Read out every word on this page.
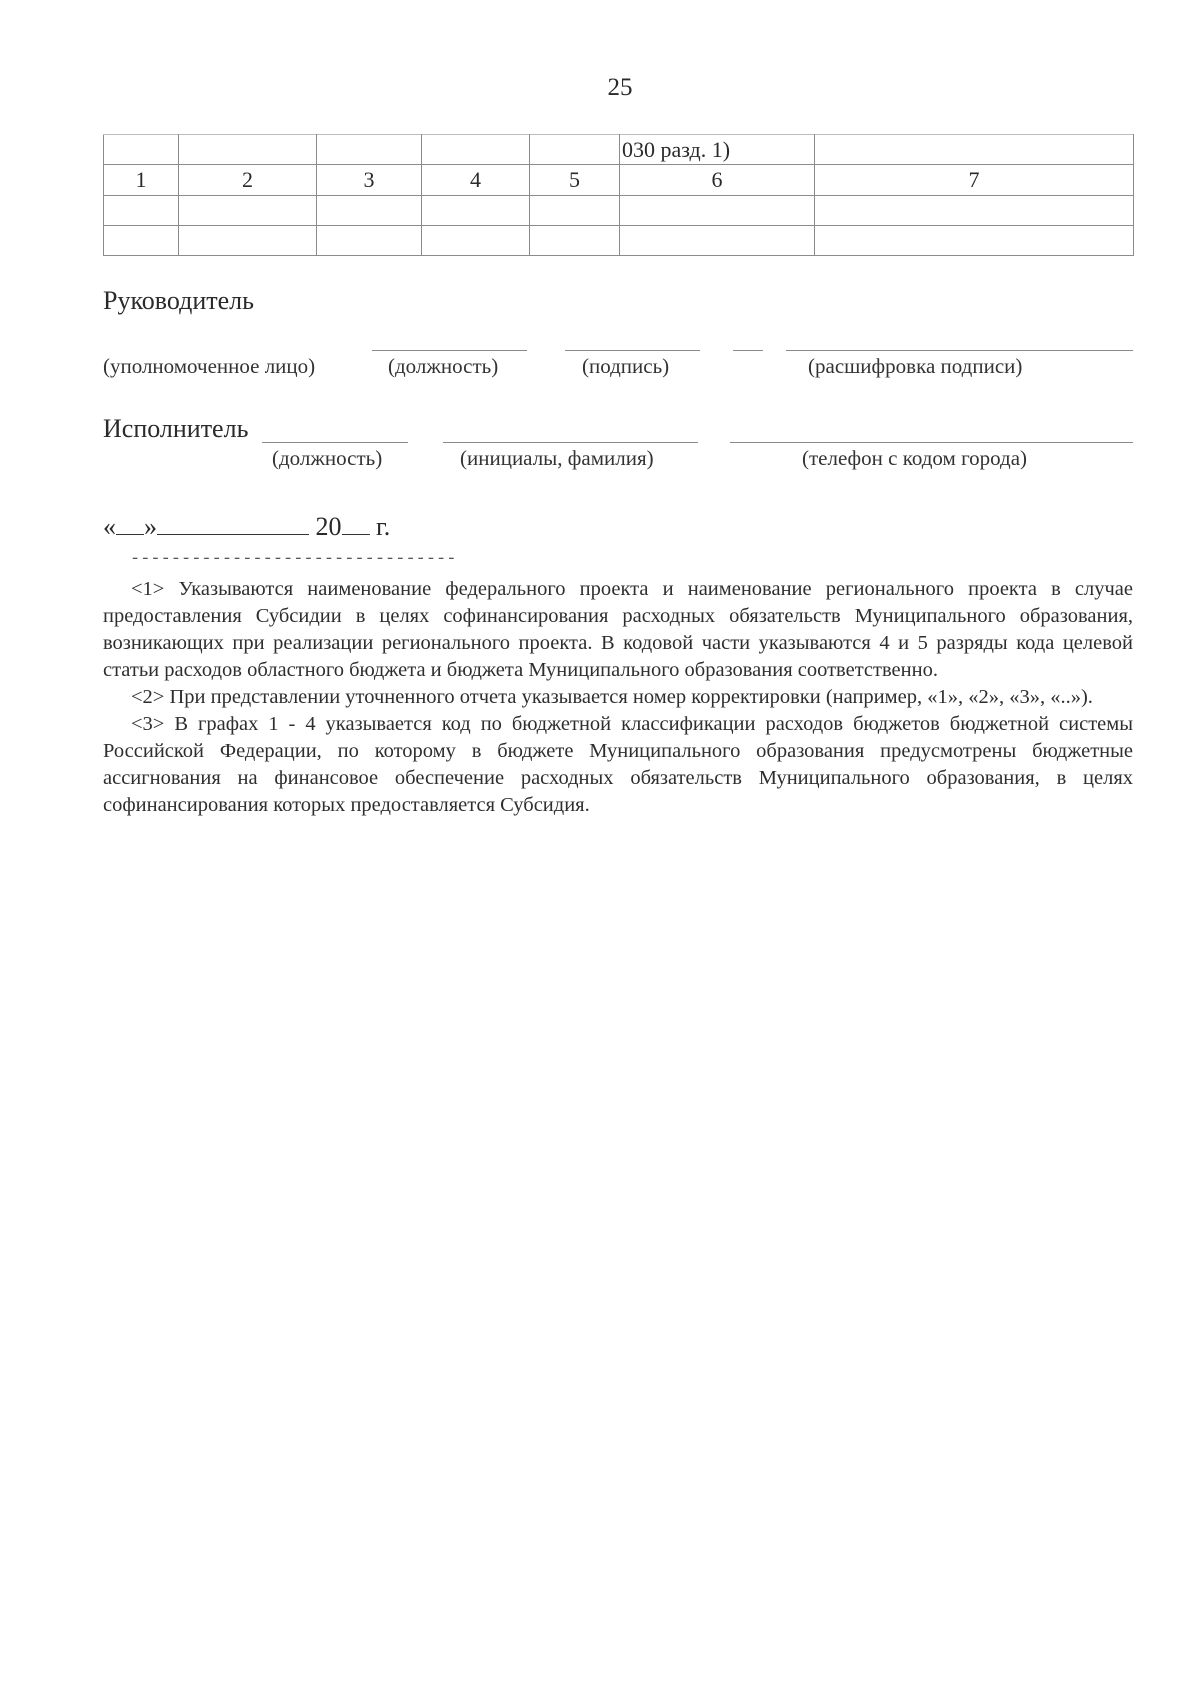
25
					030 разд. 1)	
1	2	3	4	5	6	7

Руководитель
(уполномоченное лицо)	(должность)	(подпись)	(расшифровка подписи)
Исполнитель
(должность)	(инициалы, фамилия)	(телефон с кодом города)
« »	20 г.
--------------------------------

<1> Указываются наименование федерального проекта и наименование регионального проекта в случае предоставления Субсидии в целях софинансирования расходных обязательств Муниципального образования, возникающих при реализации регионального проекта. В кодовой части указываются 4 и 5 разряды кода целевой статьи расходов областного бюджета и бюджета Муниципального образования соответственно.

<2> При представлении уточненного отчета указывается номер корректировки (например, «1», «2», «3», «..»).

<3> В графах 1 - 4 указывается код по бюджетной классификации расходов бюджетов бюджетной системы Российской Федерации, по которому в бюджете Муниципального образования предусмотрены бюджетные ассигнования на финансовое обеспечение расходных обязательств Муниципального образования, в целях софинансирования которых предоставляется Субсидия.
